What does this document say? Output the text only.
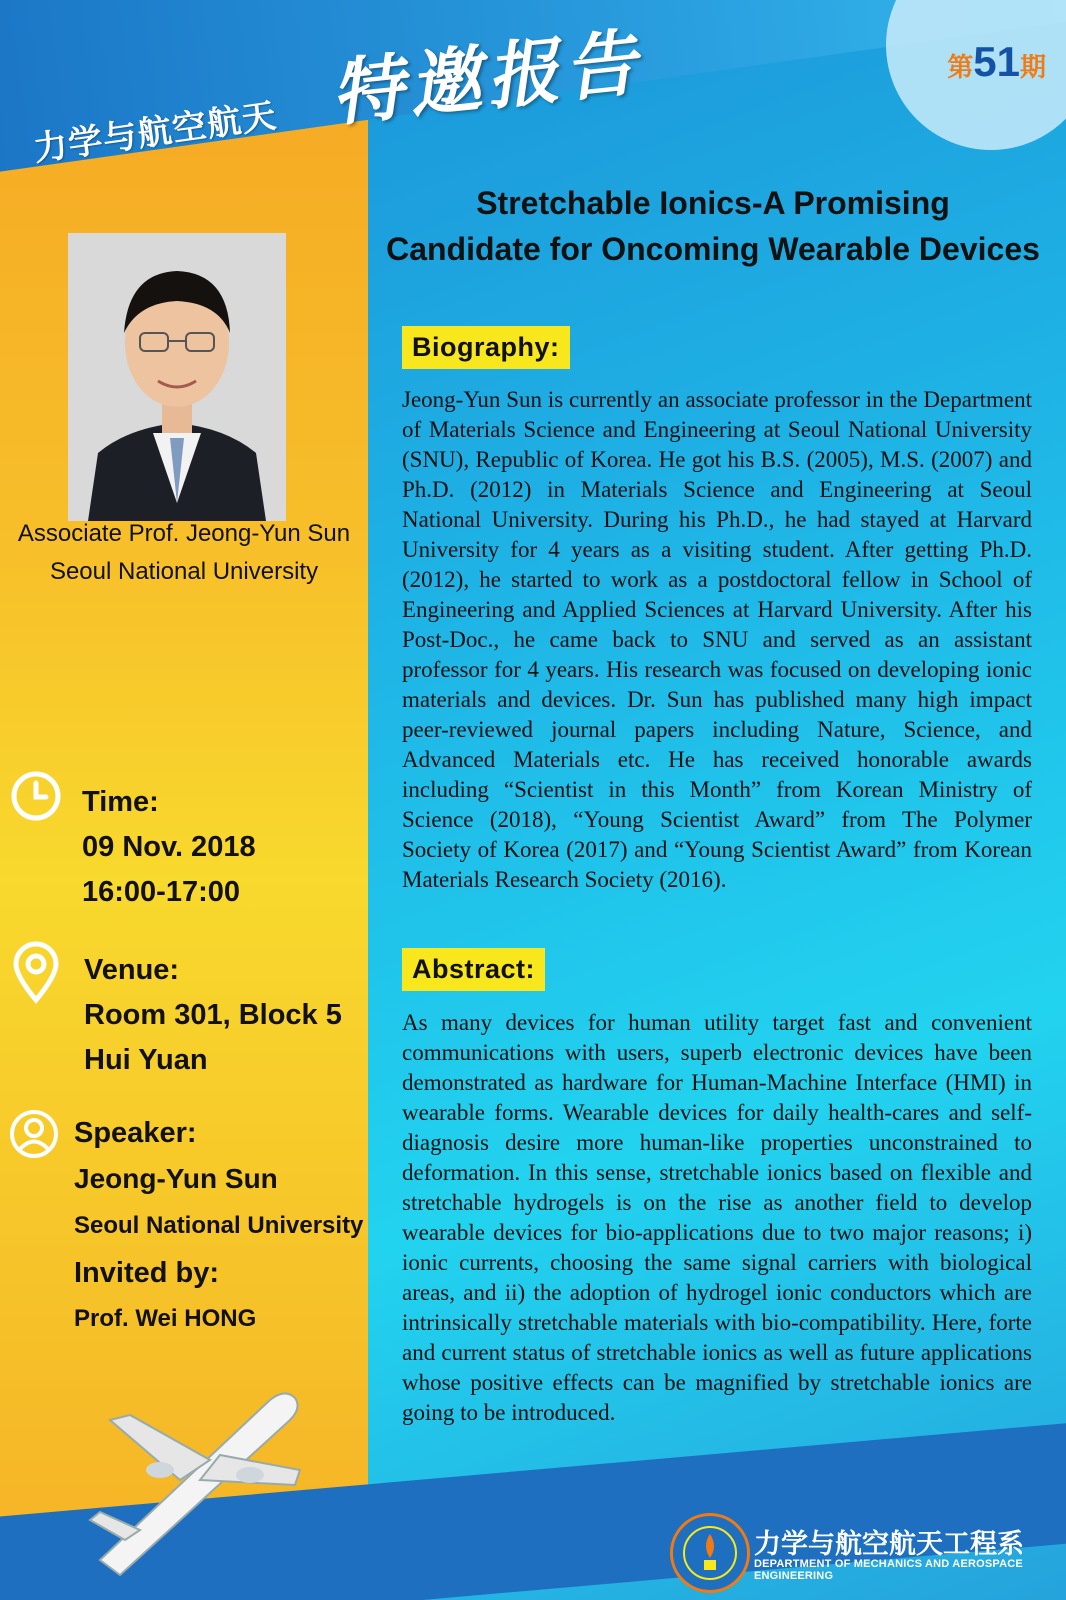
第51期
力学与航空航天 特邀报告
Stretchable Ionics-A Promising
Candidate for Oncoming Wearable Devices
Associate Prof. Jeong-Yun Sun
Seoul National University
Time:
09 Nov. 2018
16:00-17:00
Venue:
Room 301, Block 5
Hui Yuan
Speaker:
Jeong-Yun Sun
Seoul National University
Invited by:
Prof. Wei HONG
Biography:
Jeong-Yun Sun is currently an associate professor in the Department of Materials Science and Engineering at Seoul National University (SNU), Republic of Korea. He got his B.S. (2005), M.S. (2007) and Ph.D. (2012) in Materials Science and Engineering at Seoul National University. During his Ph.D., he had stayed at Harvard University for 4 years as a visiting student. After getting Ph.D. (2012), he started to work as a postdoctoral fellow in School of Engineering and Applied Sciences at Harvard University. After his Post-Doc., he came back to SNU and served as an assistant professor for 4 years. His research was focused on developing ionic materials and devices. Dr. Sun has published many high impact peer-reviewed journal papers including Nature, Science, and Advanced Materials etc. He has received honorable awards including “Scientist in this Month” from Korean Ministry of Science (2018), “Young Scientist Award” from The Polymer Society of Korea (2017) and “Young Scientist Award” from Korean Materials Research Society (2016).
Abstract:
As many devices for human utility target fast and convenient communications with users, superb electronic devices have been demonstrated as hardware for Human-Machine Interface (HMI) in wearable forms. Wearable devices for daily health-cares and self-diagnosis desire more human-like properties unconstrained to deformation. In this sense, stretchable ionics based on flexible and stretchable hydrogels is on the rise as another field to develop wearable devices for bio-applications due to two major reasons; i) ionic currents, choosing the same signal carriers with biological areas, and ii) the adoption of hydrogel ionic conductors which are intrinsically stretchable materials with bio-compatibility. Here, forte and current status of stretchable ionics as well as future applications whose positive effects can be magnified by stretchable ionics are going to be introduced.
力学与航空航天工程系
DEPARTMENT OF MECHANICS AND AEROSPACE ENGINEERING
